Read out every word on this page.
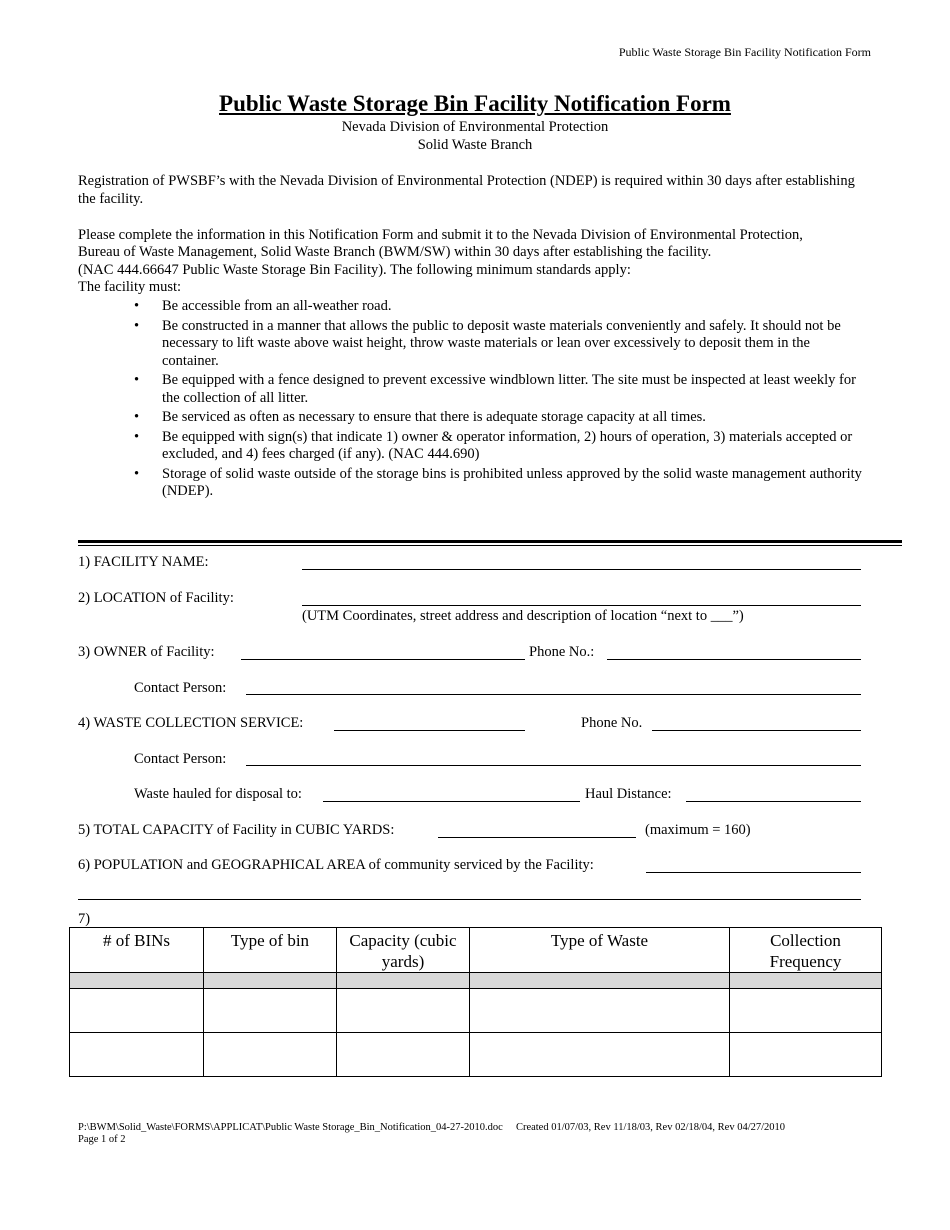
Public Waste Storage Bin Facility Notification Form
Public Waste Storage Bin Facility Notification Form
Nevada Division of Environmental Protection
Solid Waste Branch
Registration of PWSBF’s with the Nevada Division of Environmental Protection (NDEP) is required within 30 days after establishing the facility.
Please complete the information in this Notification Form and submit it to the Nevada Division of Environmental Protection,
Bureau of Waste Management, Solid Waste Branch (BWM/SW) within 30 days after establishing the facility.
(NAC 444.66647 Public Waste Storage Bin Facility). The following minimum standards apply:
The facility must:
• Be accessible from an all-weather road.
• Be constructed in a manner that allows the public to deposit waste materials conveniently and safely. It should not be necessary to lift waste above waist height, throw waste materials or lean over excessively to deposit them in the container.
• Be equipped with a fence designed to prevent excessive windblown litter. The site must be inspected at least weekly for the collection of all litter.
• Be serviced as often as necessary to ensure that there is adequate storage capacity at all times.
• Be equipped with sign(s) that indicate 1) owner & operator information, 2) hours of operation, 3) materials accepted or excluded, and 4) fees charged (if any). (NAC 444.690)
• Storage of solid waste outside of the storage bins is prohibited unless approved by the solid waste management authority (NDEP).
1) FACILITY NAME:
2) LOCATION of Facility:
(UTM Coordinates, street address and description of location “next to ___”)
3) OWNER of Facility:	Phone No.:
Contact Person:
4) WASTE COLLECTION SERVICE:	Phone No.
Contact Person:
Waste hauled for disposal to:	Haul Distance:
5) TOTAL CAPACITY of Facility in CUBIC YARDS:	(maximum = 160)
6) POPULATION and GEOGRAPHICAL AREA of community serviced by the Facility:
7)
# of BINs	Type of bin	Capacity (cubic yards)	Type of Waste	Collection Frequency

P:\BWM\Solid_Waste\FORMS\APPLICAT\Public Waste Storage_Bin_Notification_04-27-2010.doc     Created 01/07/03, Rev 11/18/03, Rev 02/18/04, Rev 04/27/2010
Page 1 of 2
